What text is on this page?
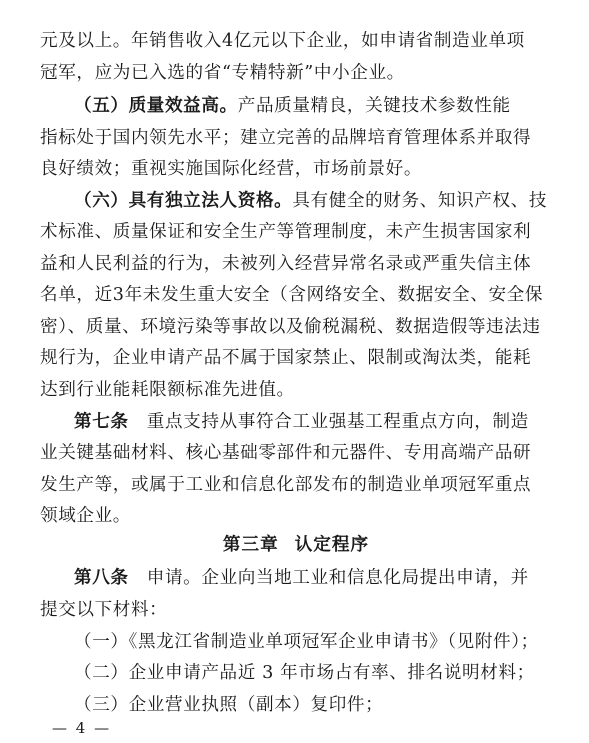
元及以上。年销售收入4亿元以下企业，如申请省制造业单项
冠军，应为已入选的省“专精特新”中小企业。
（五）质量效益高。产品质量精良，关键技术参数性能
指标处于国内领先水平；建立完善的品牌培育管理体系并取得
良好绩效；重视实施国际化经营，市场前景好。
（六）具有独立法人资格。具有健全的财务、知识产权、技
术标准、质量保证和安全生产等管理制度，未产生损害国家利
益和人民利益的行为，未被列入经营异常名录或严重失信主体
名单，近3年未发生重大安全（含网络安全、数据安全、安全保
密）、质量、环境污染等事故以及偷税漏税、数据造假等违法违
规行为，企业申请产品不属于国家禁止、限制或淘汰类，能耗
达到行业能耗限额标准先进值。
第七条　重点支持从事符合工业强基工程重点方向，制造
业关键基础材料、核心基础零部件和元器件、专用高端产品研
发生产等，或属于工业和信息化部发布的制造业单项冠军重点
领域企业。
第三章 认定程序
第八条　申请。企业向当地工业和信息化局提出申请，并
提交以下材料：
（一）《黑龙江省制造业单项冠军企业申请书》（见附件）；
（二）企业申请产品近 3 年市场占有率、排名说明材料；
（三）企业营业执照（副本）复印件；
— 4 —
